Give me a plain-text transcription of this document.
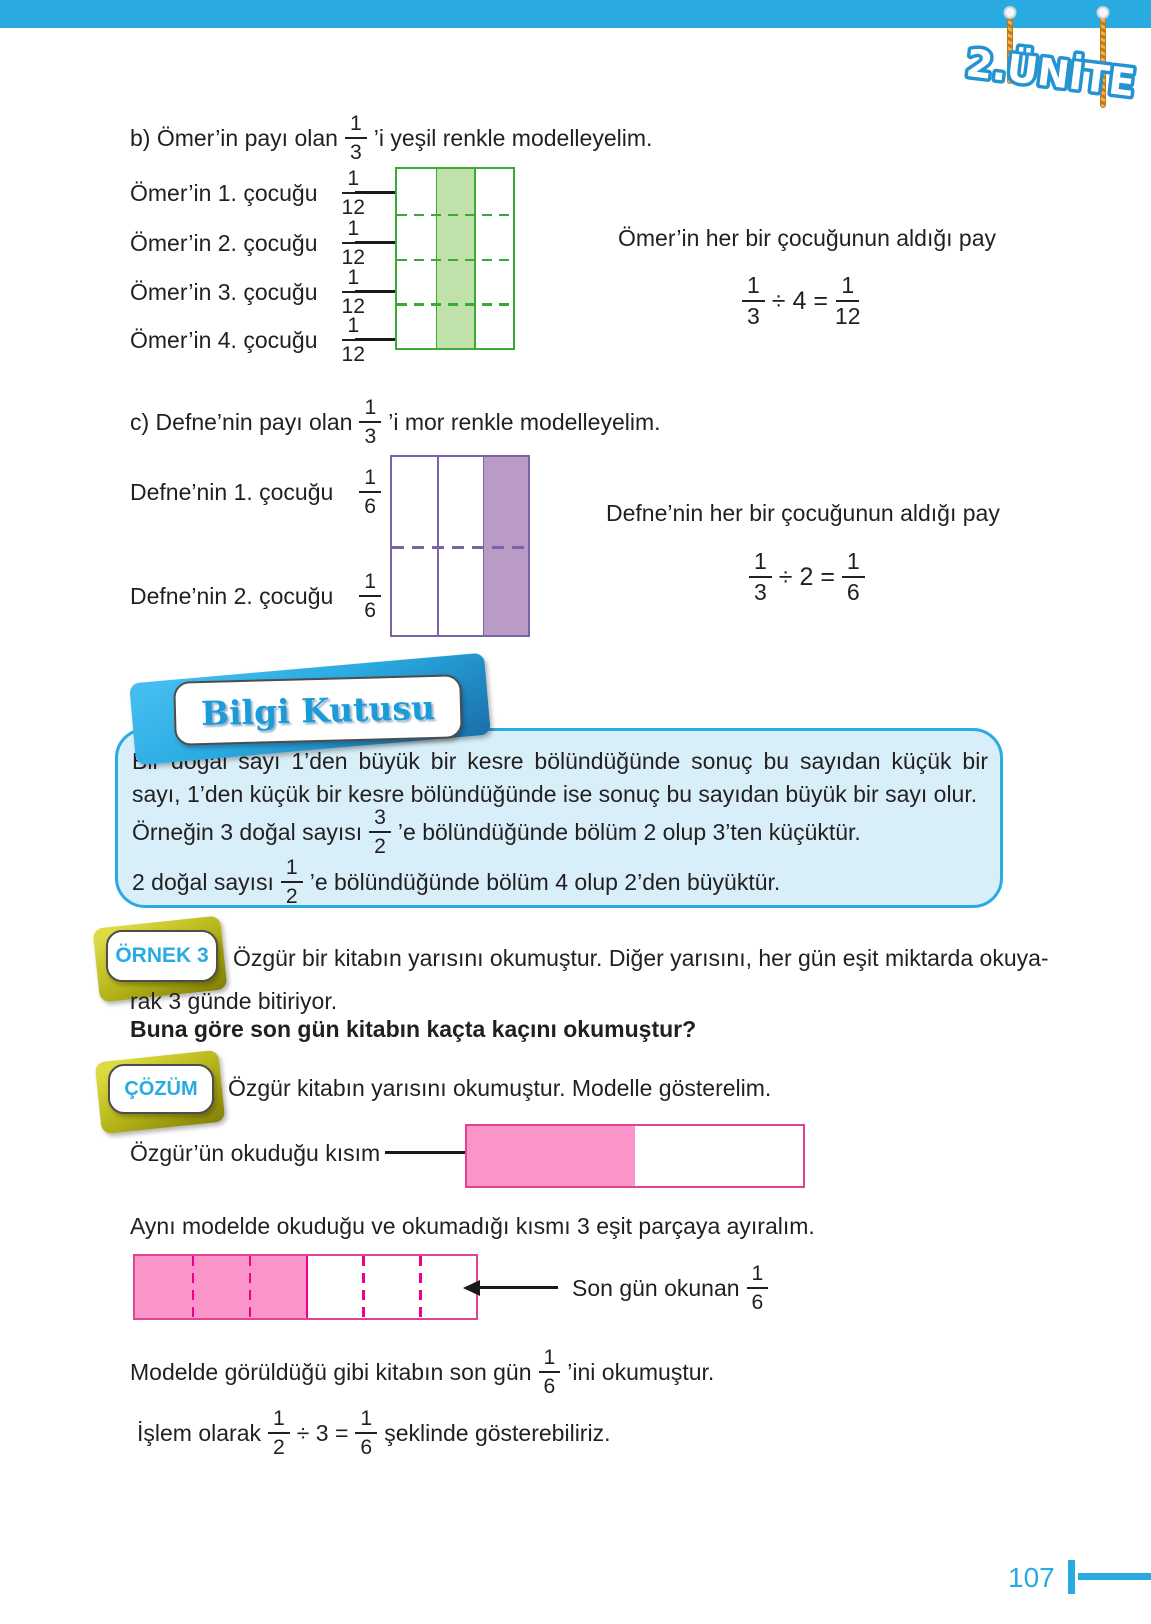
2.ÜNİTE
b) Ömer’in payı olan $\frac{1}{3}$ ’i yeşil renkle modelleyelim.
Ömer’in 1. çocuğu $\frac{1}{12}$
Ömer’in 2. çocuğu $\frac{1}{12}$
Ömer’in 3. çocuğu $\frac{1}{12}$
Ömer’in 4. çocuğu $\frac{1}{12}$
Ömer’in her bir çocuğunun aldığı pay
$\frac{1}{3} \div 4 = \frac{1}{12}$
c) Defne’nin payı olan $\frac{1}{3}$ ’i mor renkle modelleyelim.
Defne’nin 1. çocuğu $\frac{1}{6}$
Defne’nin 2. çocuğu $\frac{1}{6}$
Defne’nin her bir çocuğunun aldığı pay
$\frac{1}{3} \div 2 = \frac{1}{6}$
Bir doğal sayı 1’den büyük bir kesre bölündüğünde sonuç bu sayıdan küçük bir sayı, 1’den küçük bir kesre bölündüğünde ise sonuç bu sayıdan büyük bir sayı olur.
Örneğin 3 doğal sayısı $\frac{3}{2}$ ’e bölündüğünde bölüm 2 olup 3’ten küçüktür.
2 doğal sayısı $\frac{1}{2}$ ’e bölündüğünde bölüm 4 olup 2’den büyüktür.
Bilgi Kutusu
ÖRNEK 3 Özgür bir kitabın yarısını okumuştur. Diğer yarısını, her gün eşit miktarda okuya-
rak 3 günde bitiriyor.
Buna göre son gün kitabın kaçta kaçını okumuştur?
ÇÖZÜM Özgür kitabın yarısını okumuştur. Modelle gösterelim.
Özgür’ün okuduğu kısım
Aynı modelde okuduğu ve okumadığı kısmı 3 eşit parçaya ayıralım.
Son gün okunan $\frac{1}{6}$
Modelde görüldüğü gibi kitabın son gün $\frac{1}{6}$ ’ini okumuştur.
İşlem olarak $\frac{1}{2} \div 3 = \frac{1}{6}$ şeklinde gösterebiliriz.
107
